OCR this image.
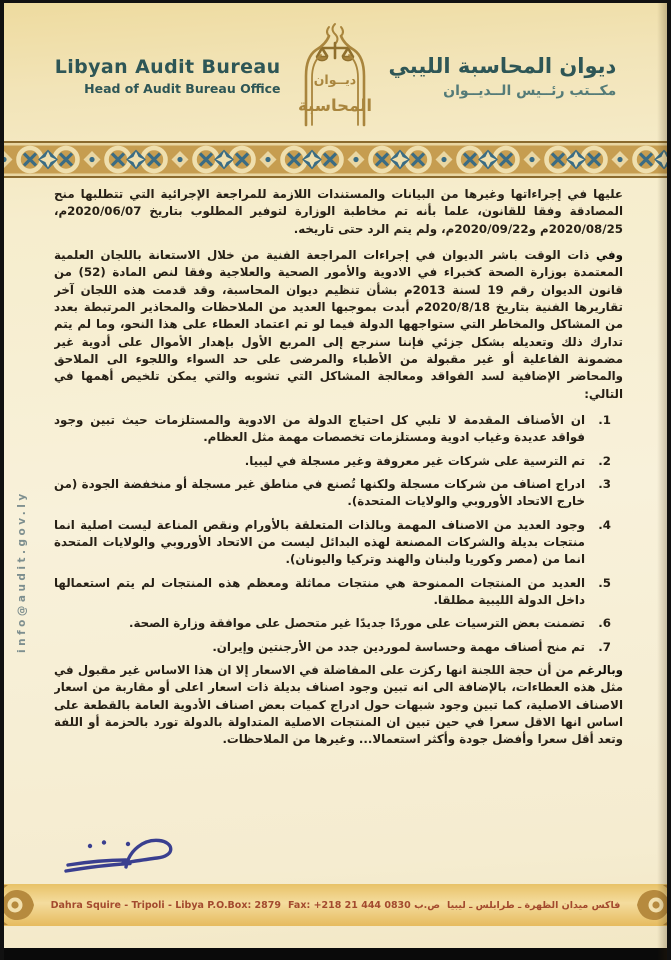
Libyan Audit Bureau
Head of Audit Bureau Office
ديــوان
المحاسبة
ديوان المحاسبة الليبي
مكــتب رئــيس الــديــوان

عليها في إجراءاتها وغيرها من البيانات والمستندات اللازمة للمراجعة الإجرائية التي تتطلبها منح المصادقة وفقا للقانون، علما بأنه تم مخاطبة الوزارة لتوفير المطلوب بتاريخ 2020/06/07م، 2020/08/25م و2020/09/22م، ولم يتم الرد حتى تاريخه.

وفي ذات الوقت باشر الديوان في إجراءات المراجعة الفنية من خلال الاستعانة باللجان العلمية المعتمدة بوزارة الصحة كخبراء في الادوية والأمور الصحية والعلاجية وفقا لنص المادة (52) من قانون الديوان رقم 19 لسنة 2013م بشأن تنظيم ديوان المحاسبة، وقد قدمت هذه اللجان آخر تقاريرها الفنية بتاريخ 2020/8/18م أبدت بموجبها العديد من الملاحظات والمحاذير المرتبطة بعدد من المشاكل والمخاطر التي ستواجهها الدولة فيما لو تم اعتماد العطاء على هذا النحو، وما لم يتم تدارك ذلك وتعديله بشكل جزئي فإننا سنرجع إلى المربع الأول بإهدار الأموال على أدوية غير مضمونة الفاعلية أو غير مقبولة من الأطباء والمرضى على حد السواء واللجوء الى الملاحق والمحاضر الإضافية لسد الفواقد ومعالجة المشاكل التي تشوبه والتي يمكن تلخيص أهمها في التالي:

1.
ان الأصناف المقدمة لا تلبي كل احتياج الدولة من الادوية والمستلزمات حيث تبين وجود فواقد عديدة وغياب ادوية ومستلزمات تخصصات مهمة مثل العظام.
2.
تم الترسية على شركات غير معروفة وغير مسجلة في ليبيا.
3.
ادراج اصناف من شركات مسجلة ولكنها تُصنع في مناطق غير مسجلة أو منخفضة الجودة (من خارج الاتحاد الأوروبي والولايات المتحدة).
4.
وجود العديد من الاصناف المهمة وبالذات المتعلقة بالأورام ونقص المناعة ليست اصلية انما منتجات بديلة والشركات المصنعة لهذه البدائل ليست من الاتحاد الأوروبي والولايات المتحدة انما من (مصر وكوريا ولبنان والهند وتركيا واليونان).
5.
العديد من المنتجات الممنوحة هي منتجات مماثلة ومعظم هذه المنتجات لم يتم استعمالها داخل الدولة الليبية مطلقا.
6.
تضمنت بعض الترسيات على موردًا جديدًا غير متحصل على موافقة وزارة الصحة.
7.
تم منح أصناف مهمة وحساسة لموردين جدد من الأرجنتين وإيران.

وبالرغم من أن حجة اللجنة انها ركزت على المفاضلة في الاسعار إلا ان هذا الاساس غير مقبول في مثل هذه العطاءات، بالإضافة الى انه تبين وجود اصناف بديلة ذات اسعار اعلى أو مقاربة من اسعار الاصناف الاصلية، كما تبين وجود شبهات حول ادراج كميات بعض اصناف الأدوية العامة بالقطعة على اساس انها الاقل سعرا في حين تبين ان المنتجات الاصلية المتداولة بالدولة تورد بالحزمة أو اللفة وتعد أقل سعرا وأفضل جودة وأكثر استعمالا... وغيرها من الملاحظات.

info@audit.gov.ly
Dahra Squire - Tripoli - Libya P.O.Box: 2879 ص.ب Fax: +218 21 444 0830 فاكس ميدان الظهرة ـ طرابلس ـ ليبيا
